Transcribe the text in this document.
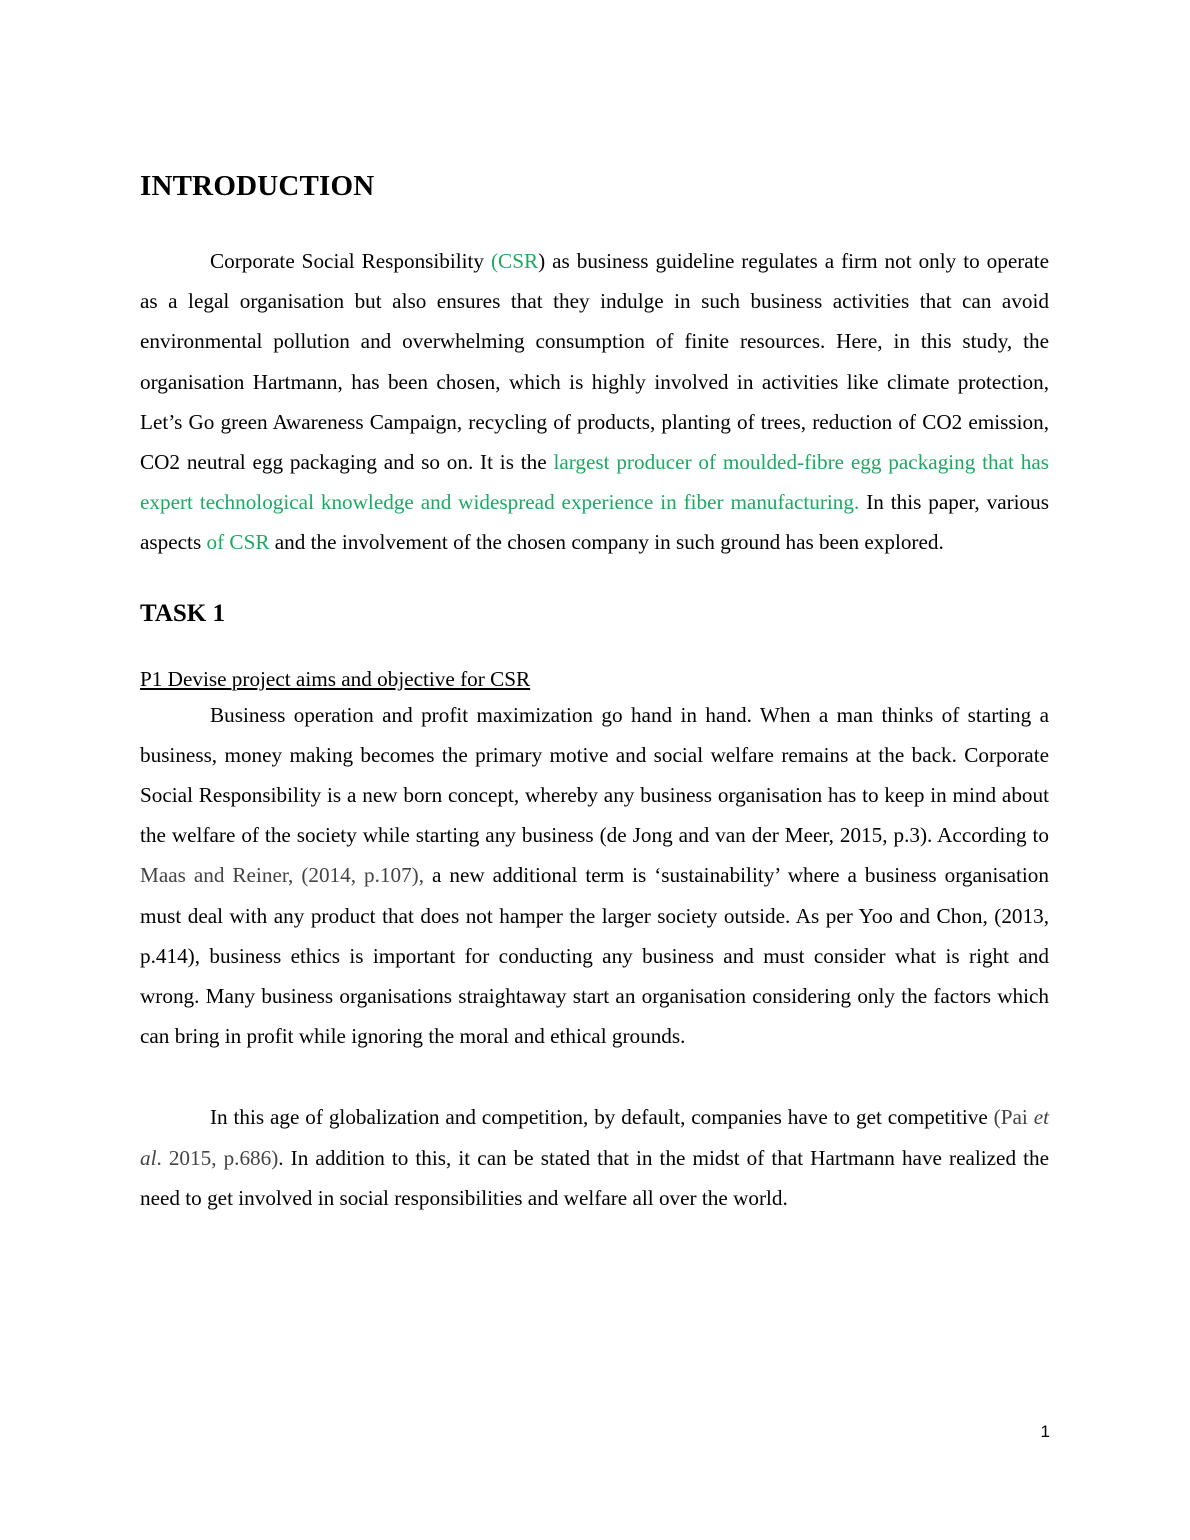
INTRODUCTION

Corporate Social Responsibility (CSR) as business guideline regulates a firm not only to operate as a legal organisation but also ensures that they indulge in such business activities that can avoid environmental pollution and overwhelming consumption of finite resources. Here, in this study, the organisation Hartmann, has been chosen, which is highly involved in activities like climate protection, Let’s Go green Awareness Campaign, recycling of products, planting of trees, reduction of CO2 emission, CO2 neutral egg packaging and so on. It is the largest producer of moulded-fibre egg packaging that has expert technological knowledge and widespread experience in fiber manufacturing. In this paper, various aspects of CSR and the involvement of the chosen company in such ground has been explored.

TASK 1

P1 Devise project aims and objective for CSR

Business operation and profit maximization go hand in hand. When a man thinks of starting a business, money making becomes the primary motive and social welfare remains at the back. Corporate Social Responsibility is a new born concept, whereby any business organisation has to keep in mind about the welfare of the society while starting any business (de Jong and van der Meer, 2015, p.3). According to Maas and Reiner, (2014, p.107), a new additional term is ‘sustainability’ where a business organisation must deal with any product that does not hamper the larger society outside. As per Yoo and Chon, (2013, p.414), business ethics is important for conducting any business and must consider what is right and wrong. Many business organisations straightaway start an organisation considering only the factors which can bring in profit while ignoring the moral and ethical grounds.

In this age of globalization and competition, by default, companies have to get competitive (Pai et al. 2015, p.686). In addition to this, it can be stated that in the midst of that Hartmann have realized the need to get involved in social responsibilities and welfare all over the world.

1
